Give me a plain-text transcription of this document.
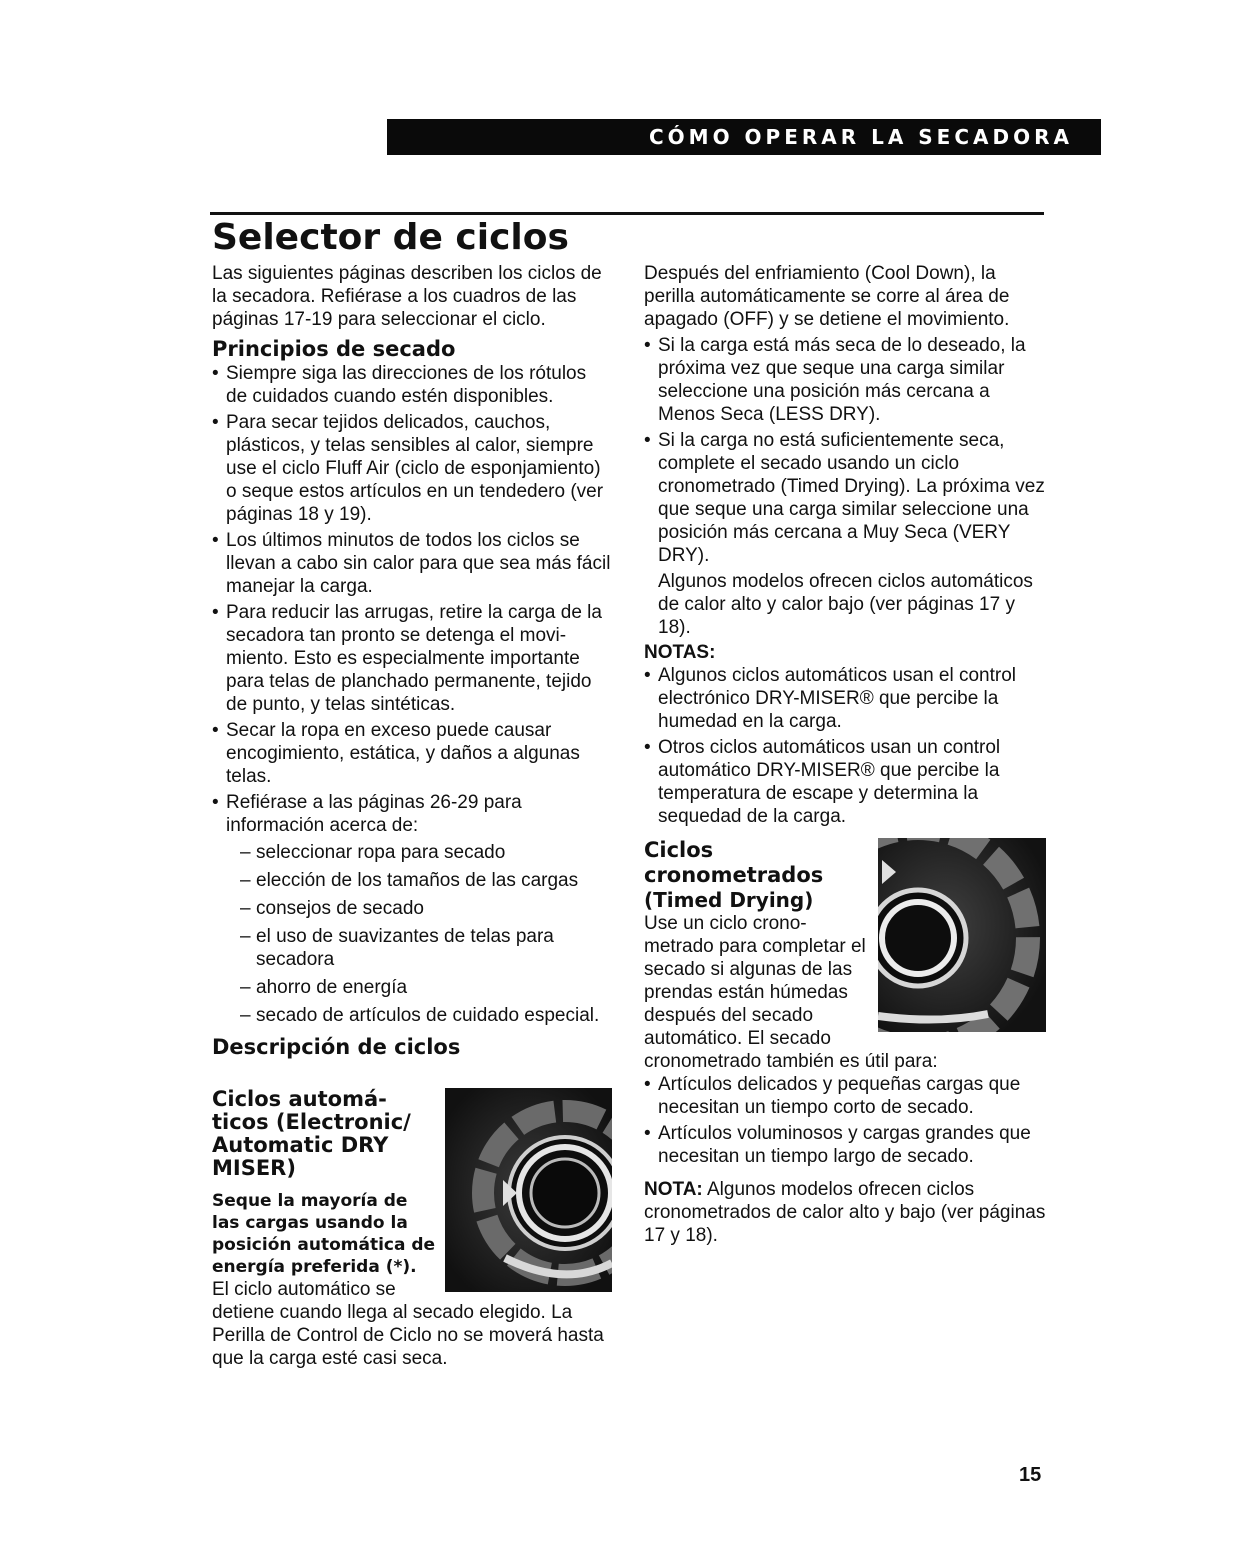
CÓMO OPERAR LA SECADORA
Selector de ciclos

Las siguientes páginas describen los ciclos de la secadora. Refiérase a los cuadros de las páginas 17-19 para seleccionar el ciclo.

Principios de secado
• Siempre siga las direcciones de los rótulos de cuidados cuando estén disponibles.
• Para secar tejidos delicados, cauchos, plásticos, y telas sensibles al calor, siempre use el ciclo Fluff Air (ciclo de esponjamiento) o seque estos artículos en un tendedero (ver páginas 18 y 19).
• Los últimos minutos de todos los ciclos se llevan a cabo sin calor para que sea más fácil manejar la carga.
• Para reducir las arrugas, retire la carga de la secadora tan pronto se detenga el movi- miento. Esto es especialmente importante para telas de planchado permanente, tejido de punto, y telas sintéticas.
• Secar la ropa en exceso puede causar encogimiento, estática, y daños a algunas telas.
• Refiérase a las páginas 26-29 para información acerca de:
– seleccionar ropa para secado
– elección de los tamaños de las cargas
– consejos de secado
– el uso de suavizantes de telas para secadora
– ahorro de energía
– secado de artículos de cuidado especial.
Descripción de ciclos
Ciclos automá- ticos (Electronic/ Automatic DRY MISER)

Seque la mayoría de las cargas usando la posición automática de energía preferida (*).

El ciclo automático se detiene cuando llega al secado elegido. La Perilla de Control de Ciclo no se moverá hasta que la carga esté casi seca.

Después del enfriamiento (Cool Down), la perilla automáticamente se corre al área de apagado (OFF) y se detiene el movimiento.

• Si la carga está más seca de lo deseado, la próxima vez que seque una carga similar seleccione una posición más cercana a Menos Seca (LESS DRY).
• Si la carga no está suficientemente seca, complete el secado usando un ciclo cronometrado (Timed Drying). La próxima vez que seque una carga similar seleccione una posición más cercana a Muy Seca (VERY DRY).

Algunos modelos ofrecen ciclos automáticos de calor alto y calor bajo (ver páginas 17 y 18).

NOTAS:

• Algunos ciclos automáticos usan el control electrónico DRY-MISER® que percibe la humedad en la carga.
• Otros ciclos automáticos usan un control automático DRY-MISER® que percibe la temperatura de escape y determina la sequedad de la carga.
Ciclos cronometrados
(Timed Drying)

Use un ciclo crono- metrado para completar el secado si algunas de las prendas están húmedas después del secado automático. El secado cronometrado también es útil para:

• Artículos delicados y pequeñas cargas que necesitan un tiempo corto de secado.
• Artículos voluminosos y cargas grandes que necesitan un tiempo largo de secado.

NOTA: Algunos modelos ofrecen ciclos cronometrados de calor alto y bajo (ver páginas 17 y 18).

15
